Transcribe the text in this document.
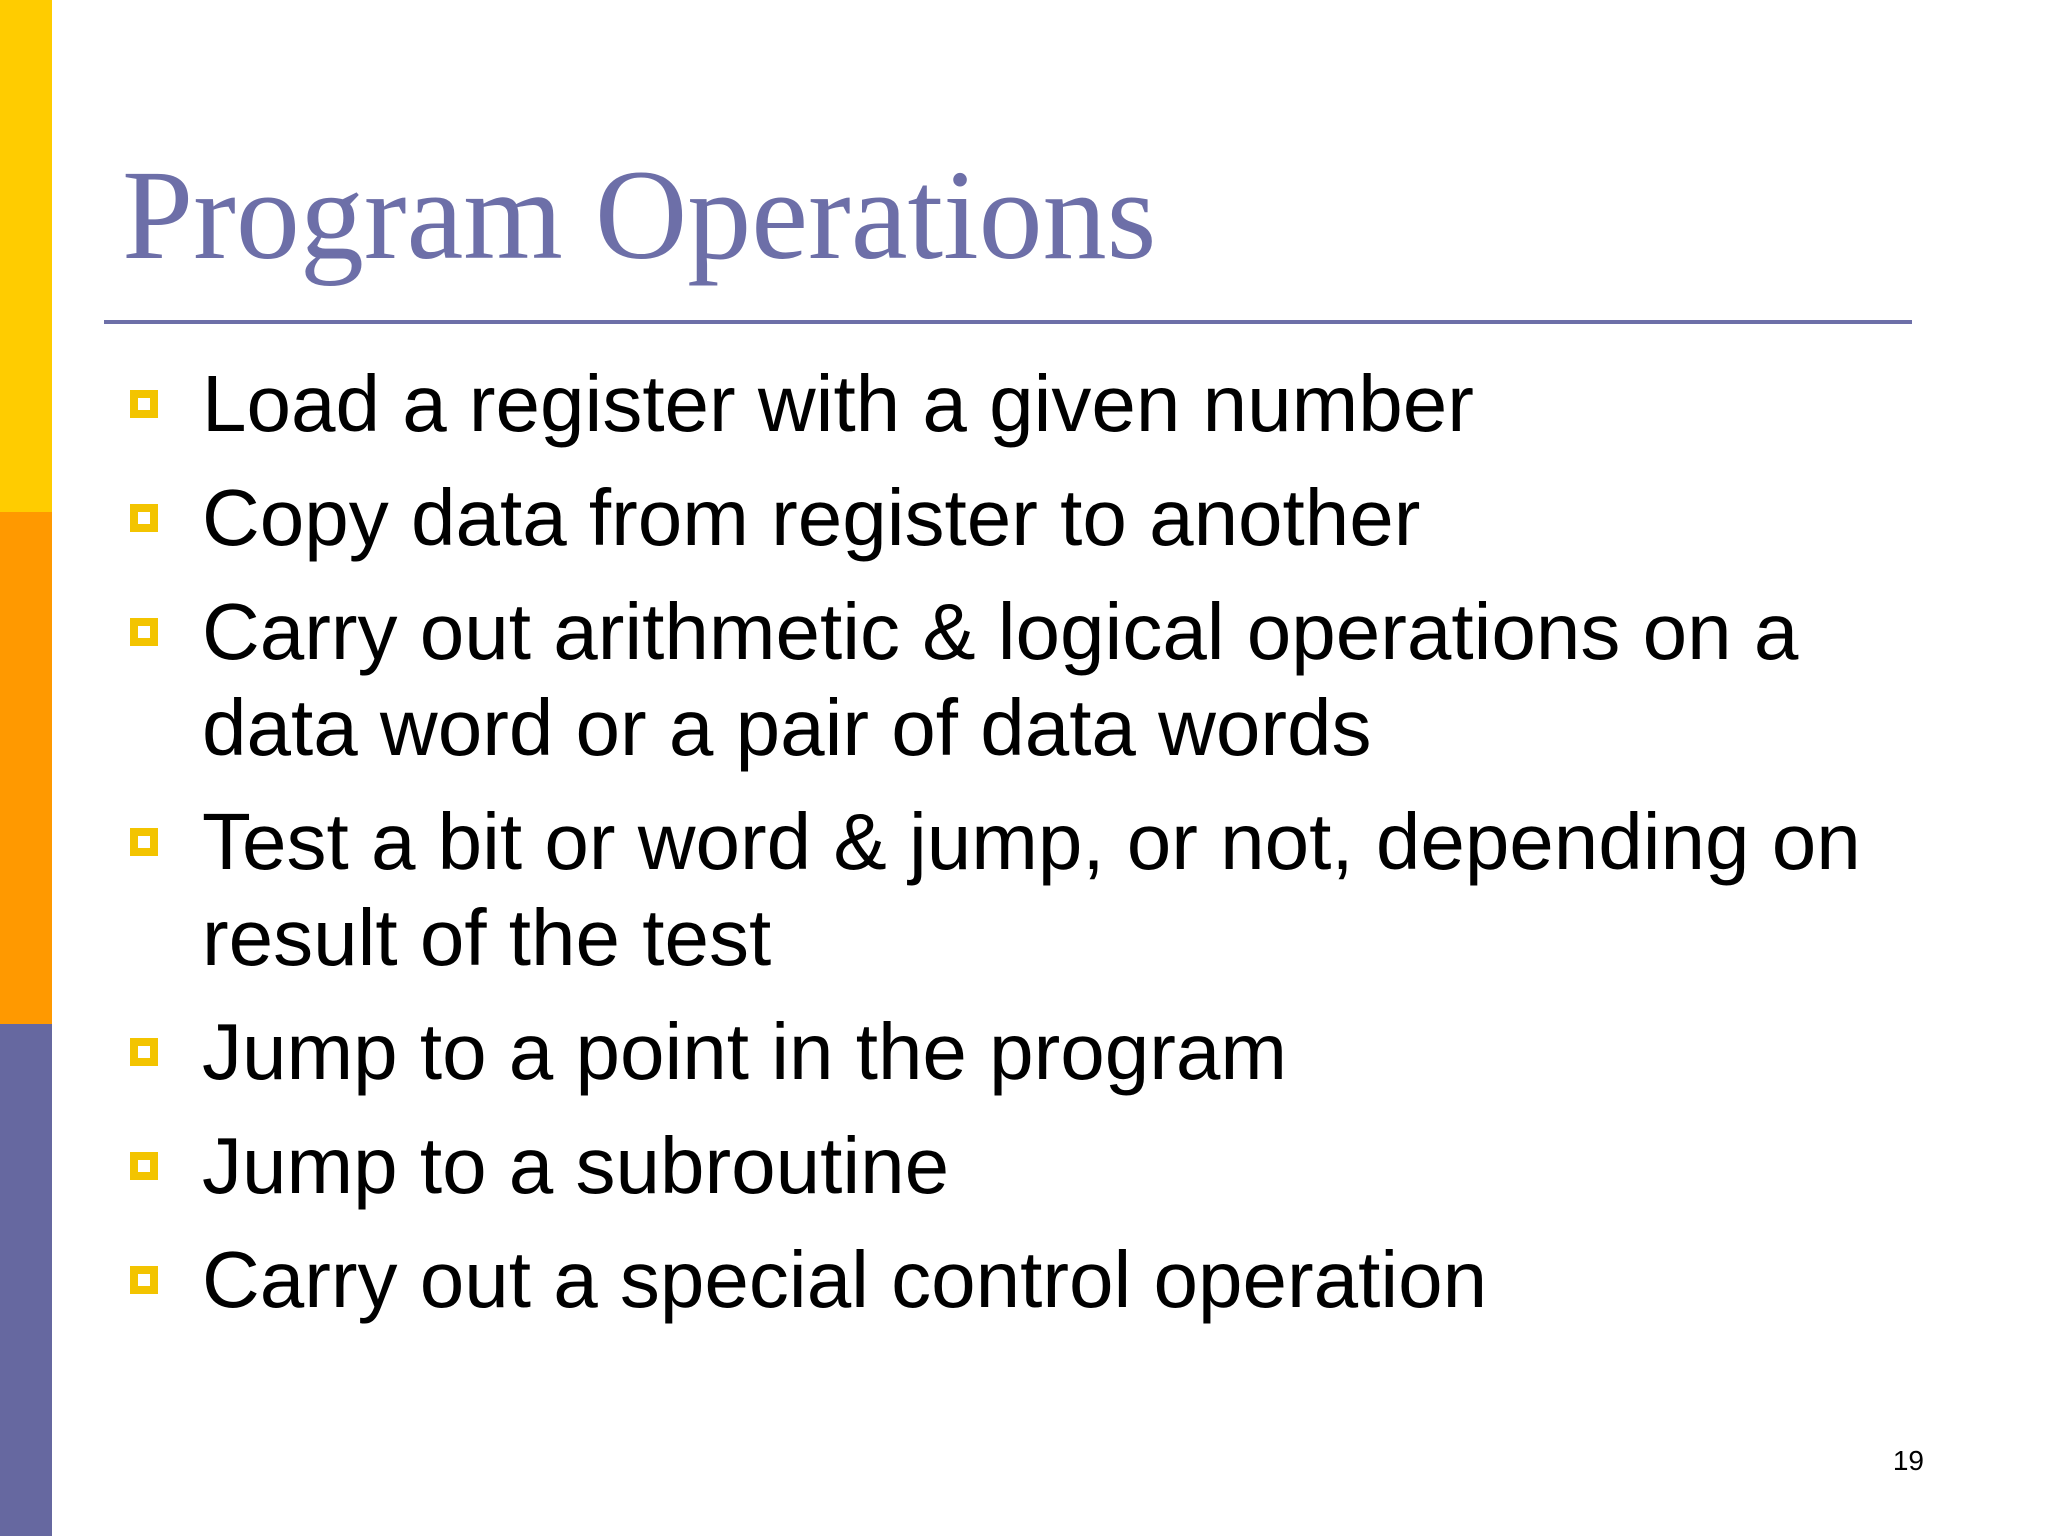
Program Operations
Load a register with a given number
Copy data from register to another
Carry out arithmetic & logical operations on a data word or a pair of data words
Test a bit or word & jump, or not, depending on result of the test
Jump to a point in the program
Jump to a subroutine
Carry out a special control operation
19
